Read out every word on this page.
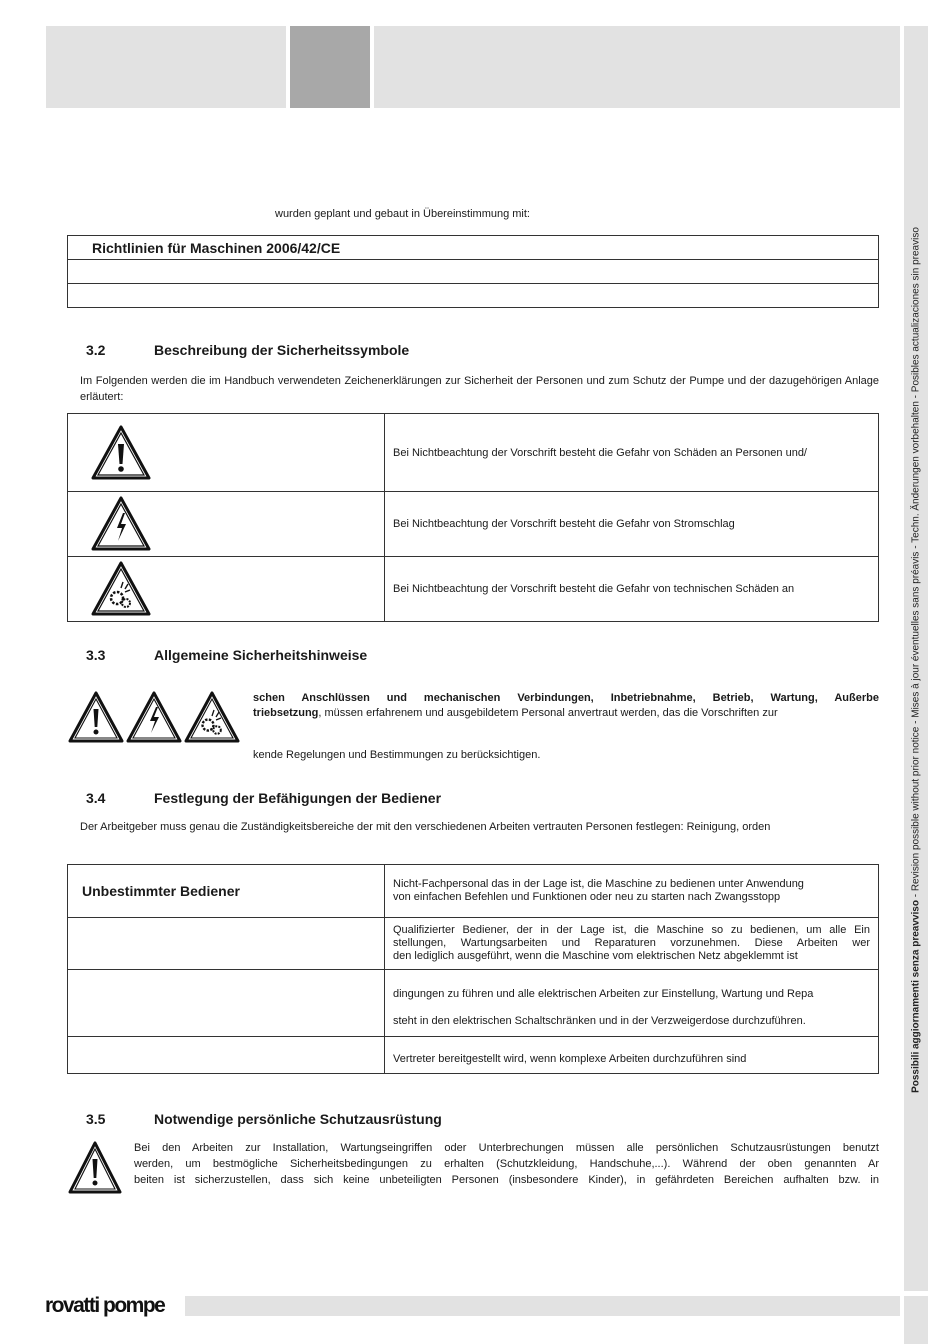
Possibili aggiornamenti senza preavviso - Revision possible without prior notice - Mises à jour éventuelles sans préavis - Techn. Änderungen vorbehalten - Posibles actualizaciones sin preaviso
wurden geplant und gebaut in Übereinstimmung mit:
Richtlinien für Maschinen 2006/42/CE

3.2	Beschreibung der Sicherheitssymbole
Im Folgenden werden die im Handbuch verwendeten Zeichenerklärungen zur Sicherheit der Personen und zum Schutz der Pumpe und der dazugehörigen Anlage erläutert:
	Bei Nichtbeachtung der Vorschrift besteht die Gefahr von Schäden an Personen und/

	Bei Nichtbeachtung der Vorschrift besteht die Gefahr von Stromschlag

	Bei Nichtbeachtung der Vorschrift besteht die Gefahr von technischen Schäden an
3.3	Allgemeine Sicherheitshinweise
schen Anschlüssen und mechanischen Verbindungen, Inbetriebnahme, Betrieb, Wartung, Außerbe
triebsetzung, müssen erfahrenem und ausgebildetem Personal anvertraut werden, das die Vorschriften zur
kende Regelungen und Bestimmungen zu berücksichtigen.
3.4	Festlegung der Befähigungen der Bediener
Der Arbeitgeber muss genau die Zuständigkeitsbereiche der mit den verschiedenen Arbeiten vertrauten Personen festlegen: Reinigung, orden
Unbestimmter Bediener	Nicht-Fachpersonal das in der Lage ist, die Maschine zu bedienen unter Anwendung
von einfachen Befehlen und Funktionen oder neu zu starten nach Zwangsstopp

	Qualifizierter Bediener, der in der Lage ist, die Maschine so zu bedienen, um alle Ein
stellungen, Wartungsarbeiten und Reparaturen vorzunehmen. Diese Arbeiten wer
den lediglich ausgeführt, wenn die Maschine vom elektrischen Netz abgeklemmt ist

	dingungen zu führen und alle elektrischen Arbeiten zur Einstellung, Wartung und Repa
steht in den elektrischen Schaltschränken und in der Verzweigerdose durchzuführen.

	Vertreter bereitgestellt wird, wenn komplexe Arbeiten durchzuführen sind
3.5	Notwendige persönliche Schutzausrüstung
Bei den Arbeiten zur Installation, Wartungseingriffen oder Unterbrechungen müssen alle persönlichen Schutzausrüstungen benutzt
werden, um bestmögliche Sicherheitsbedingungen zu erhalten (Schutzkleidung, Handschuhe,...). Während der oben genannten Ar
beiten ist sicherzustellen, dass sich keine unbeteiligten Personen (insbesondere Kinder), in gefährdeten Bereichen aufhalten bzw. in
rovatti pompe
